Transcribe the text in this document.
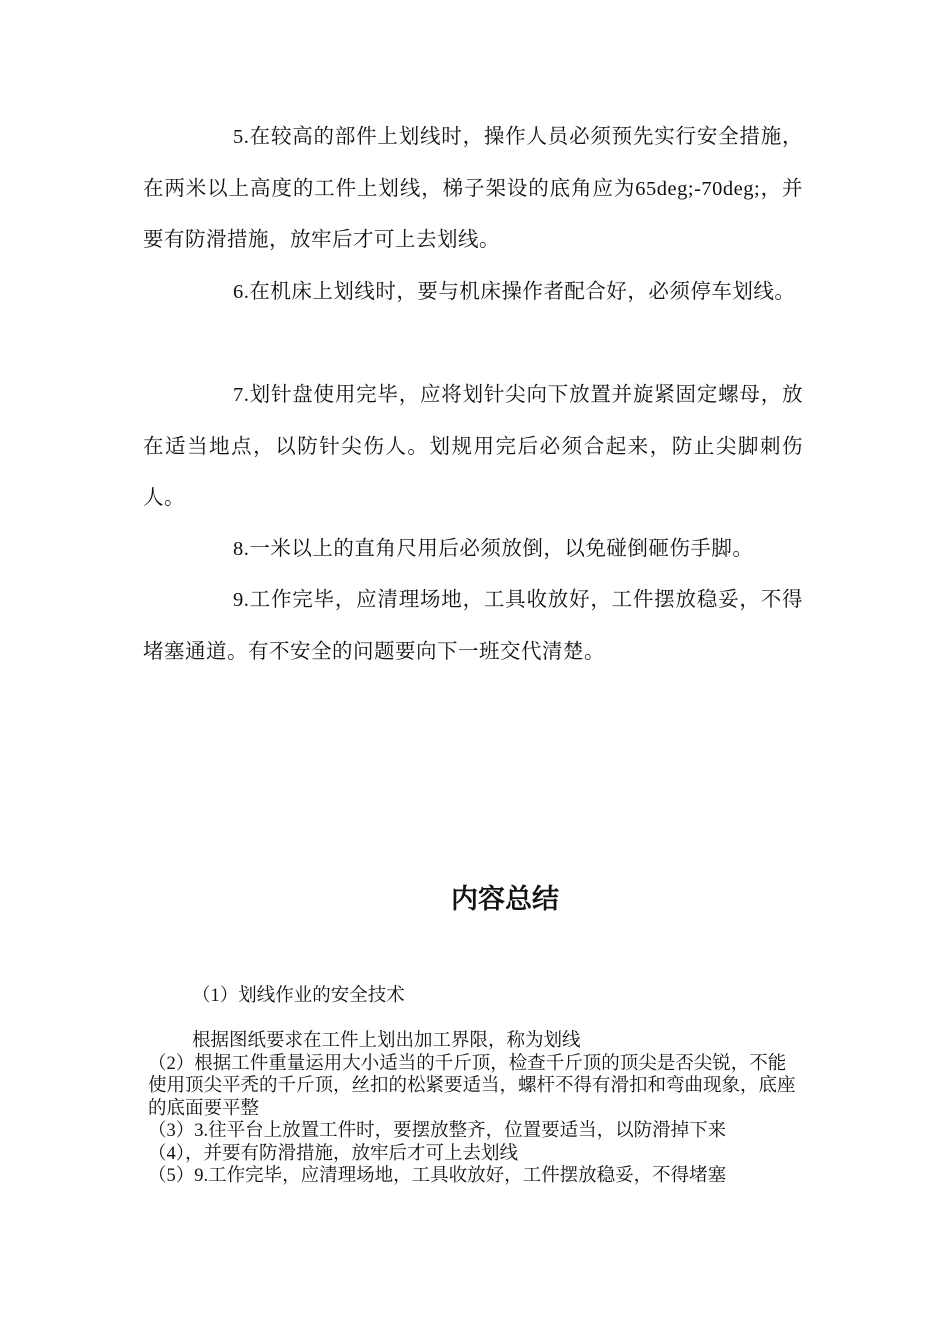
5.在较高的部件上划线时，操作人员必须预先实行安全措施，在两米以上高度的工件上划线，梯子架设的底角应为65deg;-70deg;，并要有防滑措施，放牢后才可上去划线。

6.在机床上划线时，要与机床操作者配合好，必须停车划线。

7.划针盘使用完毕，应将划针尖向下放置并旋紧固定螺母，放在适当地点，以防针尖伤人。划规用完后必须合起来，防止尖脚刺伤人。

8.一米以上的直角尺用后必须放倒，以免碰倒砸伤手脚。

9.工作完毕，应清理场地，工具收放好，工件摆放稳妥，不得堵塞通道。有不安全的问题要向下一班交代清楚。

内容总结

（1）划线作业的安全技术

根据图纸要求在工件上划出加工界限，称为划线
（2）根据工件重量运用大小适当的千斤顶，检查千斤顶的顶尖是否尖锐，不能使用顶尖平秃的千斤顶，丝扣的松紧要适当，螺杆不得有滑扣和弯曲现象，底座的底面要平整
（3）3.往平台上放置工件时，要摆放整齐，位置要适当，以防滑掉下来
（4），并要有防滑措施，放牢后才可上去划线
（5）9.工作完毕，应清理场地，工具收放好，工件摆放稳妥，不得堵塞
